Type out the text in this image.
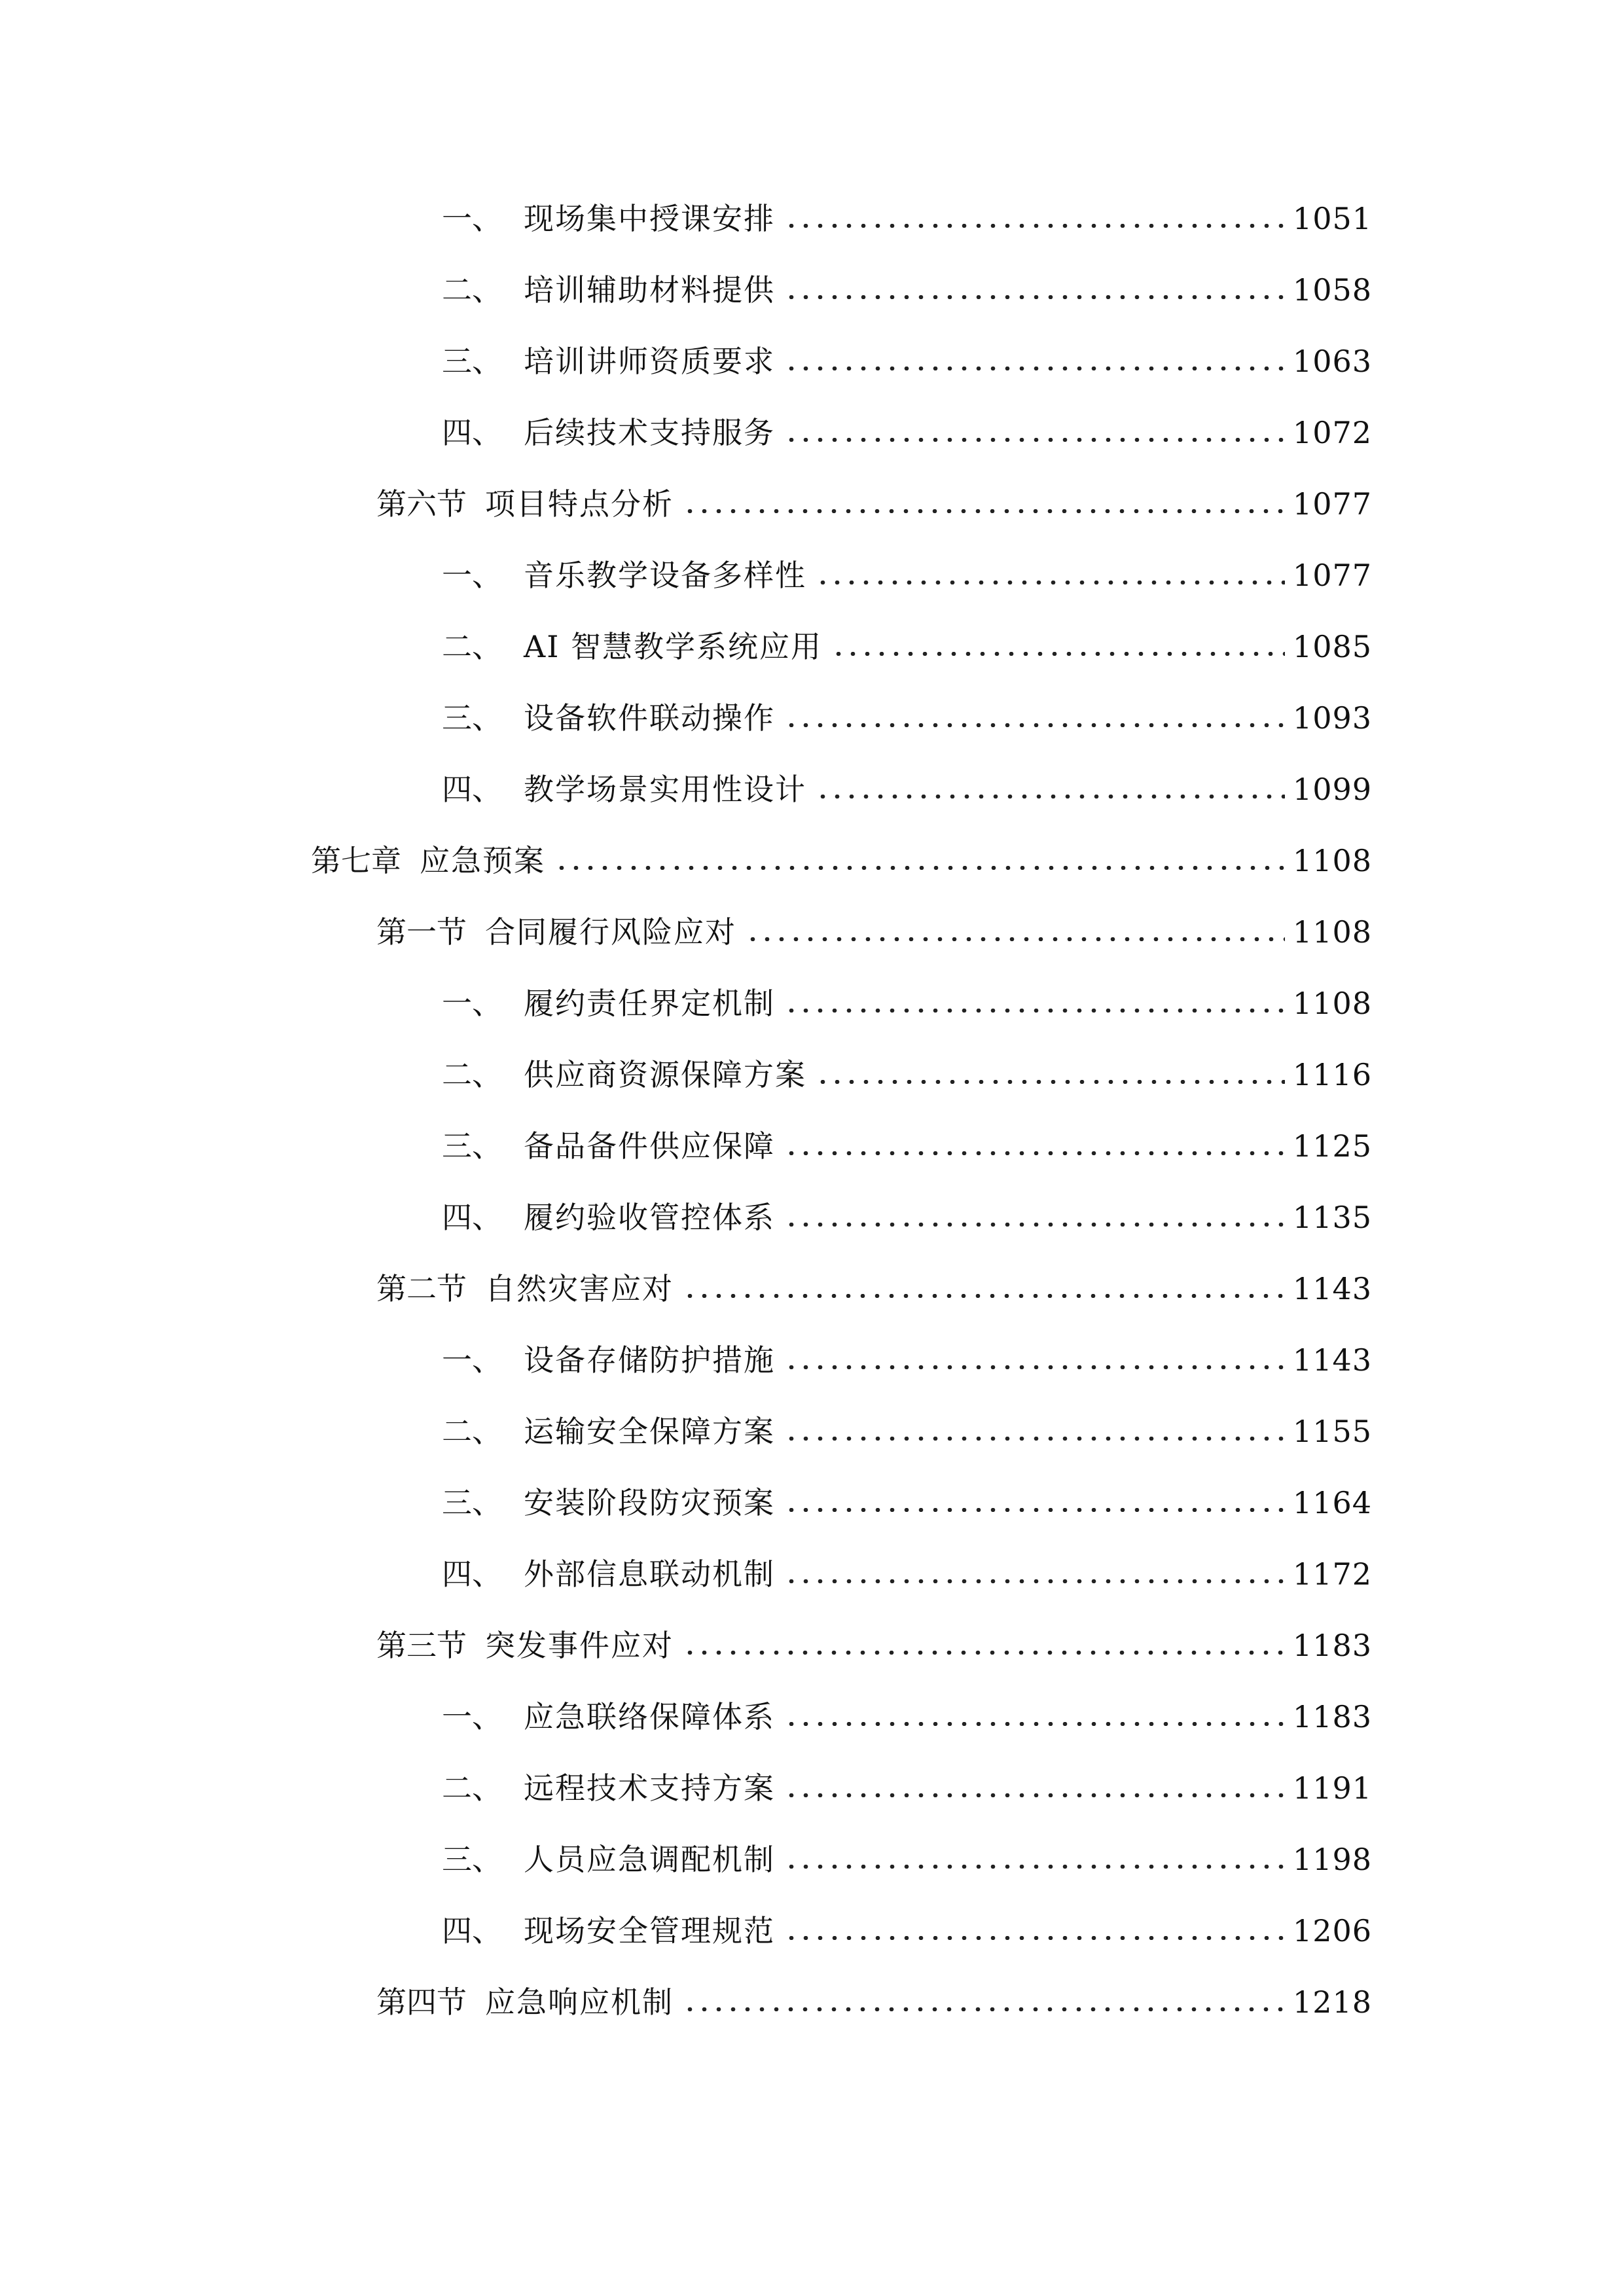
一、 现场集中授课安排	1051
二、 培训辅助材料提供	1058
三、 培训讲师资质要求	1063
四、 后续技术支持服务	1072
第六节 项目特点分析	1077
一、 音乐教学设备多样性	1077
二、 AI 智慧教学系统应用	1085
三、 设备软件联动操作	1093
四、 教学场景实用性设计	1099
第七章 应急预案	1108
第一节 合同履行风险应对	1108
一、 履约责任界定机制	1108
二、 供应商资源保障方案	1116
三、 备品备件供应保障	1125
四、 履约验收管控体系	1135
第二节 自然灾害应对	1143
一、 设备存储防护措施	1143
二、 运输安全保障方案	1155
三、 安装阶段防灾预案	1164
四、 外部信息联动机制	1172
第三节 突发事件应对	1183
一、 应急联络保障体系	1183
二、 远程技术支持方案	1191
三、 人员应急调配机制	1198
四、 现场安全管理规范	1206
第四节 应急响应机制	1218
